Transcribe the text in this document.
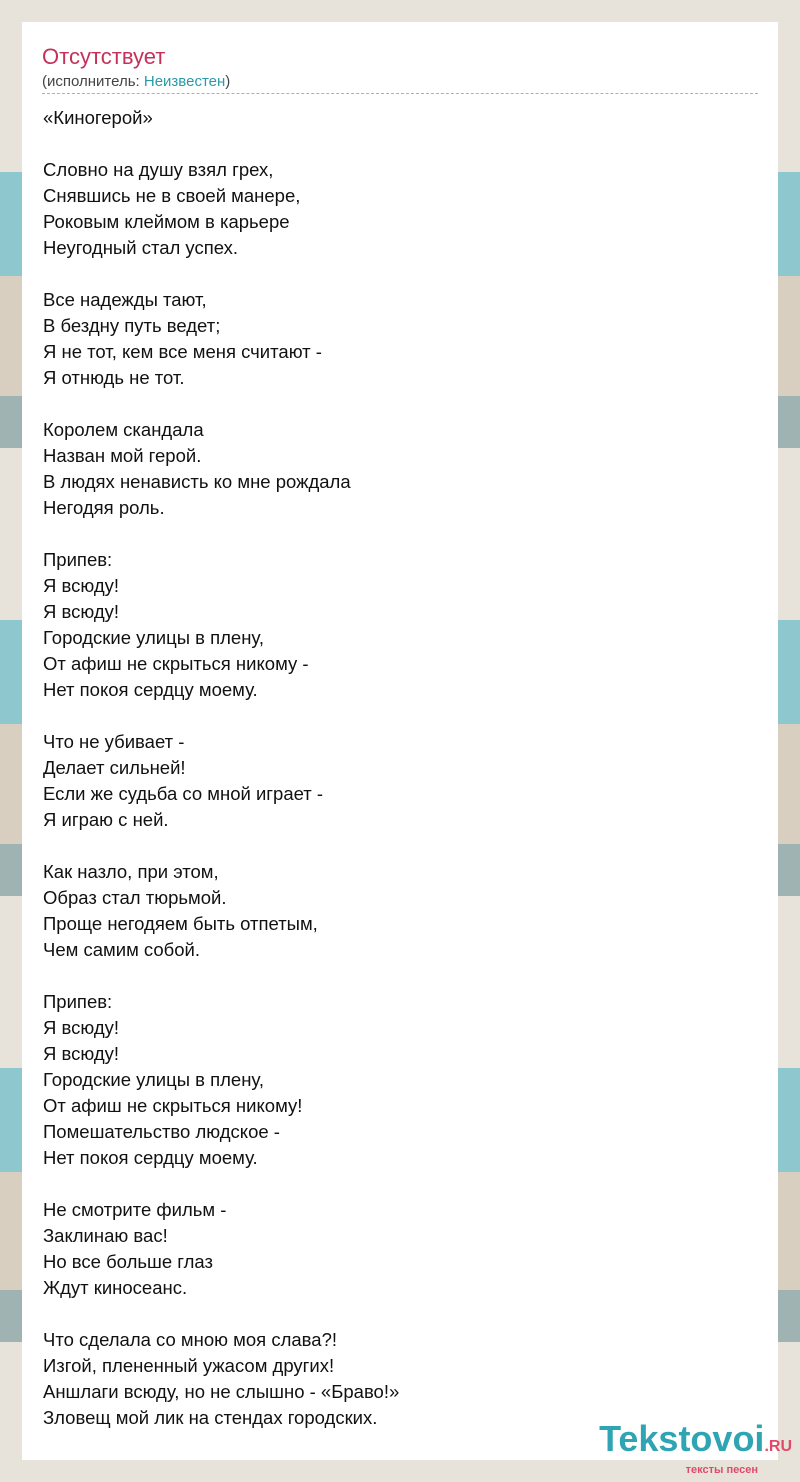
Отсутствует
(исполнитель: Неизвестен)
«Киногерой»
Словно на душу взял грех,
Снявшись не в своей манере,
Роковым клеймом в карьере
Неугодный стал успех.
Все надежды тают,
В бездну путь ведет;
Я не тот, кем все меня считают -
Я отнюдь не тот.
Королем скандала
Назван мой герой.
В людях ненависть ко мне рождала
Негодяя роль.
Припев:
Я всюду!
Я всюду!
Городские улицы в плену,
От афиш не скрыться никому -
Нет покоя сердцу моему.
Что не убивает -
Делает сильней!
Если же судьба со мной играет -
Я играю с ней.
Как назло, при этом,
Образ стал тюрьмой.
Проще негодяем быть отпетым,
Чем самим собой.
Припев:
Я всюду!
Я всюду!
Городские улицы в плену,
От афиш не скрыться никому!
Помешательство людское -
Нет покоя сердцу моему.
Не смотрите фильм -
Заклинаю вас!
Но все больше глаз
Ждут киносеанс.
Что сделала со мною моя слава?!
Изгой, плененный ужасом других!
Аншлаги всюду, но не слышно - «Браво!»
Зловещ мой лик на стендах городских.
Tekstovoi.RU
тексты песен
